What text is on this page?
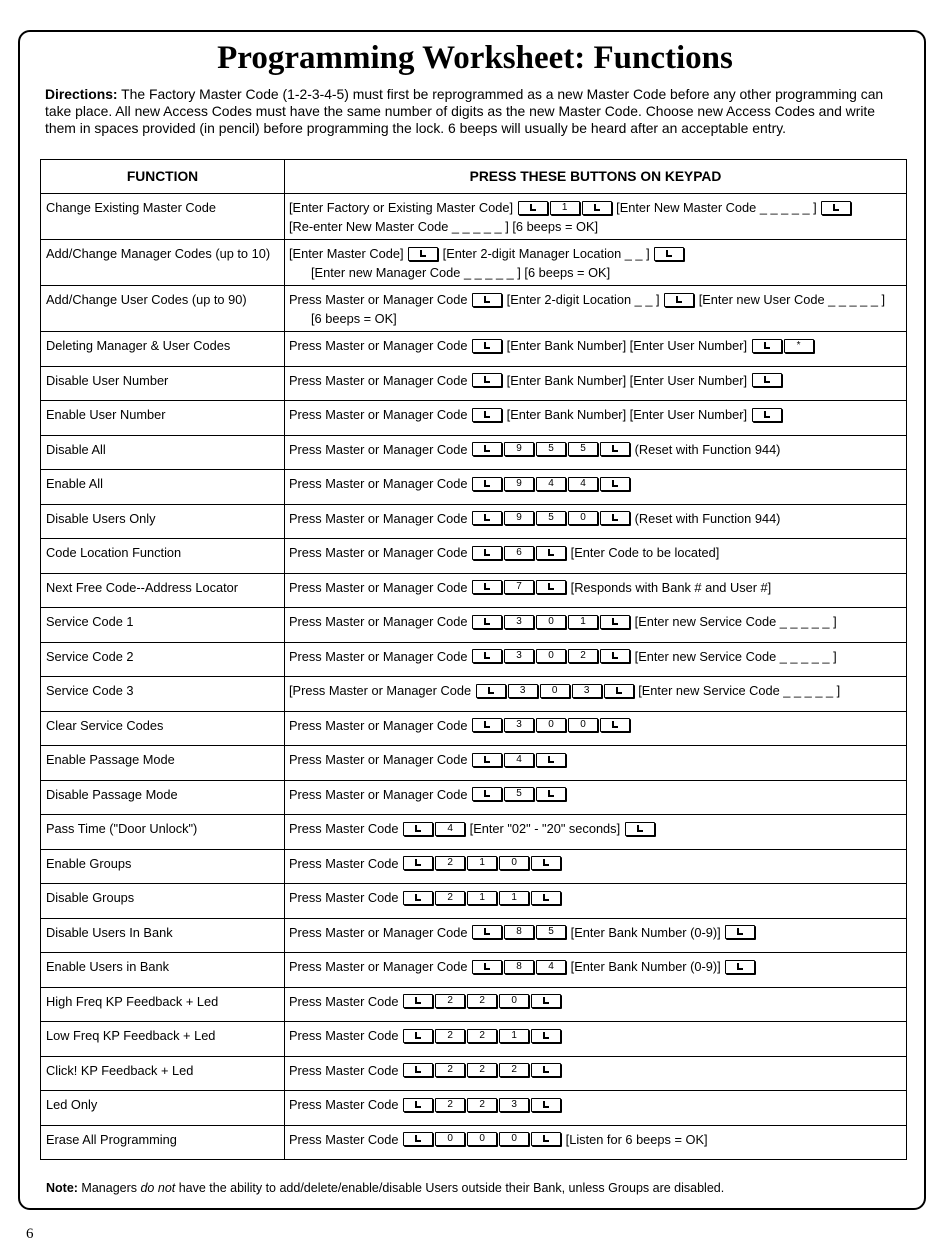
Programming Worksheet: Functions
Directions: The Factory Master Code (1-2-3-4-5) must first be reprogrammed as a new Master Code before any other programming can take place. All new Access Codes must have the same number of digits as the new Master Code. Choose new Access Codes and write them in spaces provided (in pencil) before programming the lock. 6 beeps will usually be heard after an acceptable entry.
FUNCTION	PRESS THESE BUTTONS ON KEYPAD
Change Existing Master Code	[Enter Factory or Existing Master Code] 1 [Enter New Master Code _ _ _ _ _ ]
[Re-enter New Master Code _ _ _ _ _ ] [6 beeps = OK]

Add/Change Manager Codes (up to 10)	[Enter Master Code] [Enter 2-digit Manager Location _ _ ]
[Enter new Manager Code _ _ _ _ _ ] [6 beeps = OK]

Add/Change User Codes (up to 90)	Press Master or Manager Code [Enter 2-digit Location _ _ ] [Enter new User Code _ _ _ _ _ ]
[6 beeps = OK]

Deleting Manager & User Codes	Press Master or Manager Code [Enter Bank Number] [Enter User Number] *

Disable User Number	Press Master or Manager Code [Enter Bank Number] [Enter User Number]

Enable User Number	Press Master or Manager Code [Enter Bank Number] [Enter User Number]

Disable All	Press Master or Manager Code 9 5 5 (Reset with Function 944)

Enable All	Press Master or Manager Code 9 4 4

Disable Users Only	Press Master or Manager Code 9 5 0 (Reset with Function 944)

Code Location Function	Press Master or Manager Code 6 [Enter Code to be located]

Next Free Code--Address Locator	Press Master or Manager Code 7 [Responds with Bank # and User #]

Service Code 1	Press Master or Manager Code 3 0 1 [Enter new Service Code _ _ _ _ _ ]

Service Code 2	Press Master or Manager Code 3 0 2 [Enter new Service Code _ _ _ _ _ ]

Service Code 3	[Press Master or Manager Code 3 0 3 [Enter new Service Code _ _ _ _ _ ]

Clear Service Codes	Press Master or Manager Code 3 0 0

Enable Passage Mode	Press Master or Manager Code 4

Disable Passage Mode	Press Master or Manager Code 5

Pass Time ("Door Unlock")	Press Master Code 4 [Enter "02" - "20" seconds]

Enable Groups	Press Master Code 2 1 0

Disable Groups	Press Master Code 2 1 1

Disable Users In Bank	Press Master or Manager Code 8 5 [Enter Bank Number (0-9)]

Enable Users in Bank	Press Master or Manager Code 8 4 [Enter Bank Number (0-9)]

High Freq KP Feedback + Led	Press Master Code 2 2 0

Low Freq KP Feedback + Led	Press Master Code 2 2 1

Click! KP Feedback + Led	Press Master Code 2 2 2

Led Only	Press Master Code 2 2 3

Erase All Programming	Press Master Code 0 0 0 [Listen for 6 beeps = OK]
Note: Managers do not have the ability to add/delete/enable/disable Users outside their Bank, unless Groups are disabled.
6
